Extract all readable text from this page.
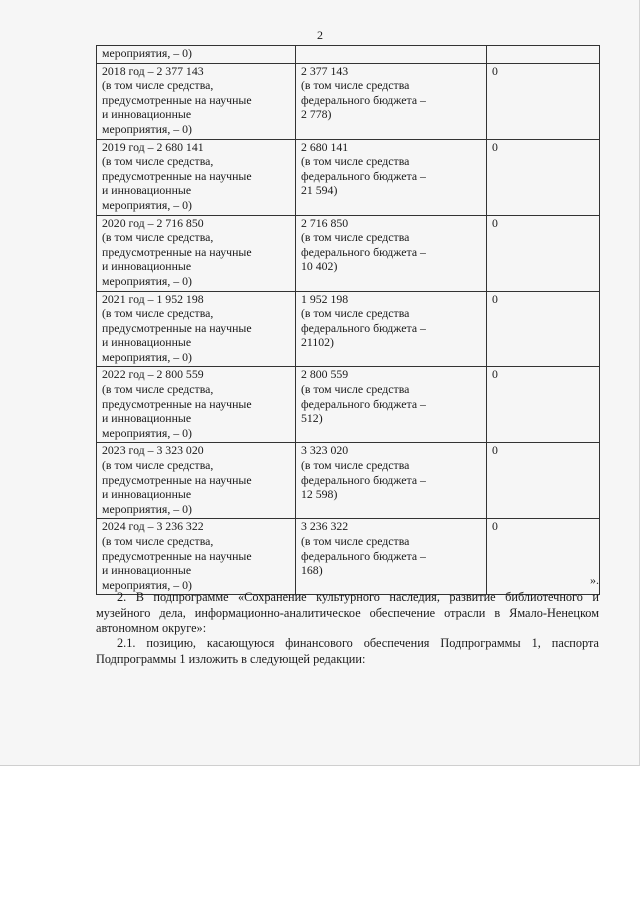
2
мероприятия, – 0)		

2018 год – 2 377 143
(в том числе средства,
предусмотренные на научные
и инновационные
мероприятия, – 0)	2 377 143
(в том числе средства
федерального бюджета –
2 778)	0

2019 год – 2 680 141
(в том числе средства,
предусмотренные на научные
и инновационные
мероприятия, – 0)	2 680 141
(в том числе средства
федерального бюджета –
21 594)	0

2020 год – 2 716 850
(в том числе средства,
предусмотренные на научные
и инновационные
мероприятия, – 0)	2 716 850
(в том числе средства
федерального бюджета –
10 402)	0

2021 год – 1 952 198
(в том числе средства,
предусмотренные на научные
и инновационные
мероприятия, – 0)	1 952 198
(в том числе средства
федерального бюджета –
21102)	0

2022 год – 2 800 559
(в том числе средства,
предусмотренные на научные
и инновационные
мероприятия, – 0)	2 800 559
(в том числе средства
федерального бюджета –
512)	0

2023 год – 3 323 020
(в том числе средства,
предусмотренные на научные
и инновационные
мероприятия, – 0)	3 323 020
(в том числе средства
федерального бюджета –
12 598)	0

2024 год – 3 236 322
(в том числе средства,
предусмотренные на научные
и инновационные
мероприятия, – 0)	3 236 322
(в том числе средства
федерального бюджета –
168)	0
».

2. В подпрограмме «Сохранение культурного наследия, развитие библиотечного и музейного дела, информационно-аналитическое обеспечение отрасли в Ямало-Ненецком автономном округе»:

2.1. позицию, касающуюся финансового обеспечения Подпрограммы 1, паспорта Подпрограммы 1 изложить в следующей редакции:
